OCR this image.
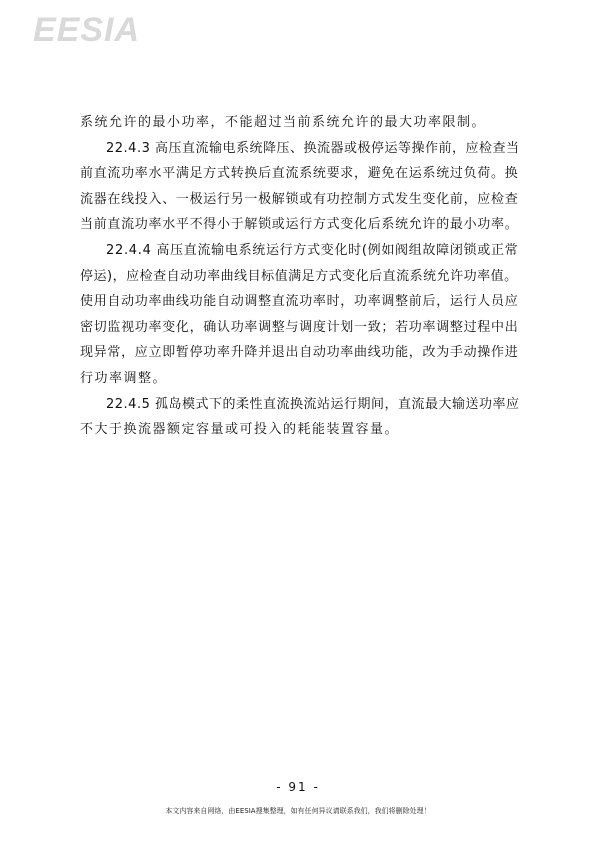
EESIA
系统允许的最小功率，不能超过当前系统允许的最大功率限制。
22.4.3 高压直流输电系统降压、换流器或极停运等操作前，应检查当
前直流功率水平满足方式转换后直流系统要求，避免在运系统过负荷。换
流器在线投入、一极运行另一极解锁或有功控制方式发生变化前，应检查
当前直流功率水平不得小于解锁或运行方式变化后系统允许的最小功率。
22.4.4 高压直流输电系统运行方式变化时(例如阀组故障闭锁或正常
停运)，应检查自动功率曲线目标值满足方式变化后直流系统允许功率值。
使用自动功率曲线功能自动调整直流功率时，功率调整前后，运行人员应
密切监视功率变化，确认功率调整与调度计划一致；若功率调整过程中出
现异常，应立即暂停功率升降并退出自动功率曲线功能，改为手动操作进
行功率调整。
22.4.5 孤岛模式下的柔性直流换流站运行期间，直流最大输送功率应
不大于换流器额定容量或可投入的耗能装置容量。
- 91 -
本文内容来自网络，由EESIA搜集整理，如有任何异议请联系我们，我们将删除处理！
